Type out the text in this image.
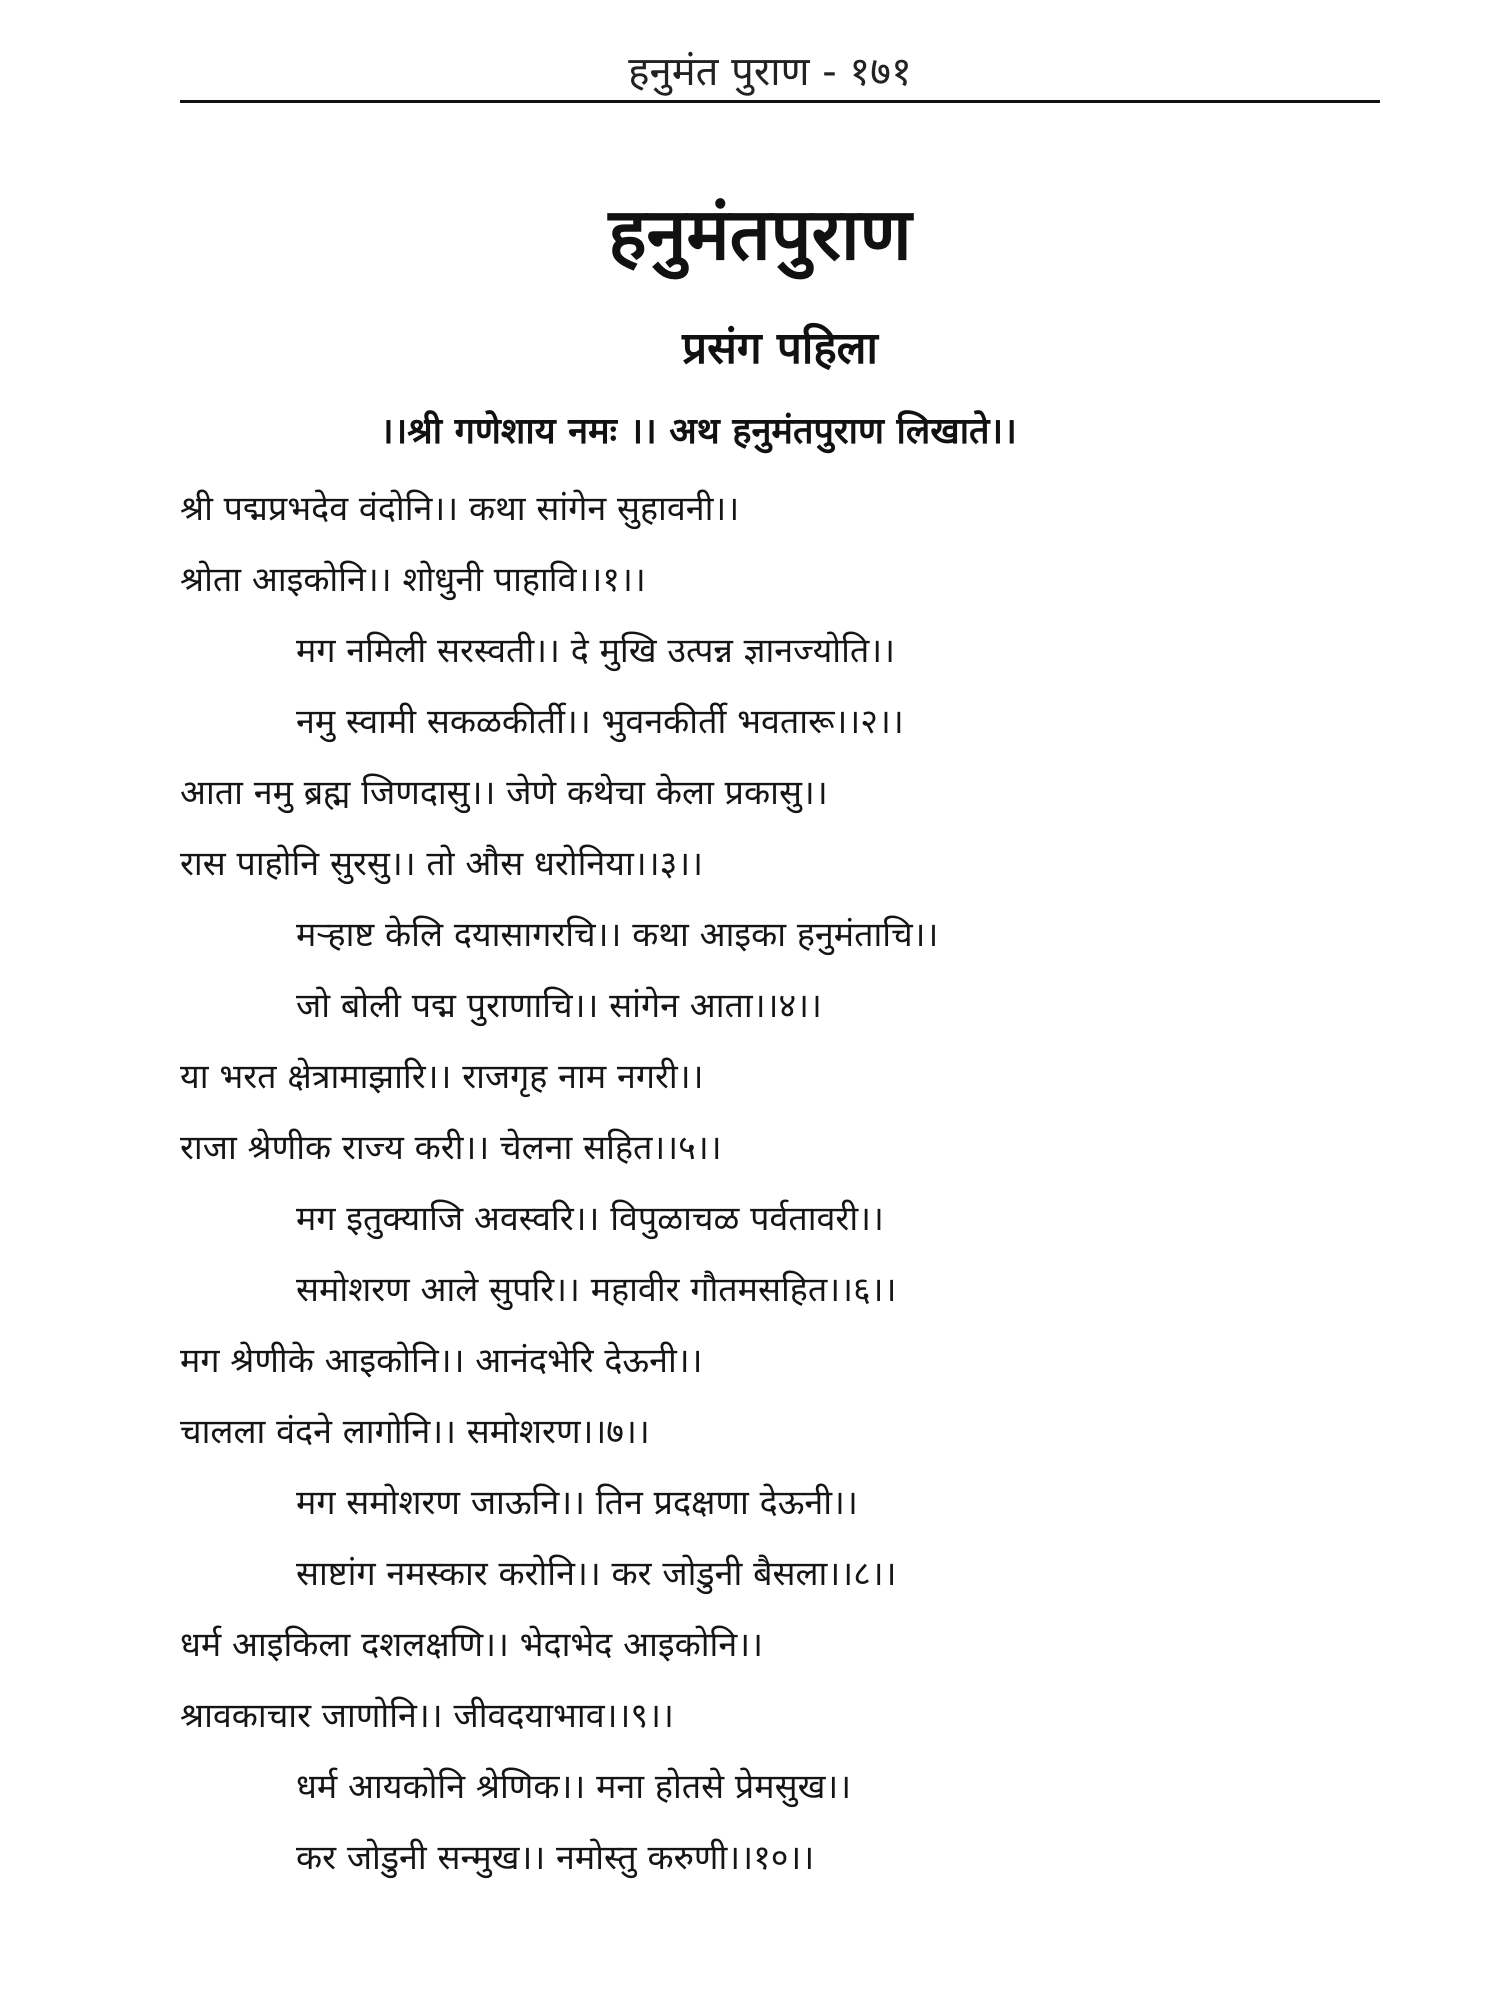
हनुमंत पुराण - १७१
हनुमंतपुराण
प्रसंग पहिला
।।श्री गणेशाय नमः ।। अथ हनुमंतपुराण लिखाते।।
श्री पद्मप्रभदेव वंदोनि।। कथा सांगेन सुहावनी।।
श्रोता आइकोनि।। शोधुनी पाहावि।।१।।
मग नमिली सरस्वती।। दे मुखि उत्पन्न ज्ञानज्योति।।
नमु स्वामी सकळकीर्ती।। भुवनकीर्ती भवतारू।।२।।
आता नमु ब्रह्म जिणदासु।। जेणे कथेचा केला प्रकासु।।
रास पाहोनि सुरसु।। तो औस धरोनिया।।३।।
मऱ्हाष्ट केलि दयासागरचि।। कथा आइका हनुमंताचि।।
जो बोली पद्म पुराणाचि।। सांगेन आता।।४।।
या भरत क्षेत्रामाझारि।। राजगृह नाम नगरी।।
राजा श्रेणीक राज्य करी।। चेलना सहित।।५।।
मग इतुक्याजि अवस्वरि।। विपुळाचळ पर्वतावरी।।
समोशरण आले सुपरि।। महावीर गौतमसहित।।६।।
मग श्रेणीके आइकोनि।। आनंदभेरि देऊनी।।
चालला वंदने लागोनि।। समोशरण।।७।।
मग समोशरण जाऊनि।। तिन प्रदक्षणा देऊनी।।
साष्टांग नमस्कार करोनि।। कर जोडुनी बैसला।।८।।
धर्म आइकिला दशलक्षणि।। भेदाभेद आइकोनि।।
श्रावकाचार जाणोनि।। जीवदयाभाव।।९।।
धर्म आयकोनि श्रेणिक।। मना होतसे प्रेमसुख।।
कर जोडुनी सन्मुख।। नमोस्तु करुणी।।१०।।
